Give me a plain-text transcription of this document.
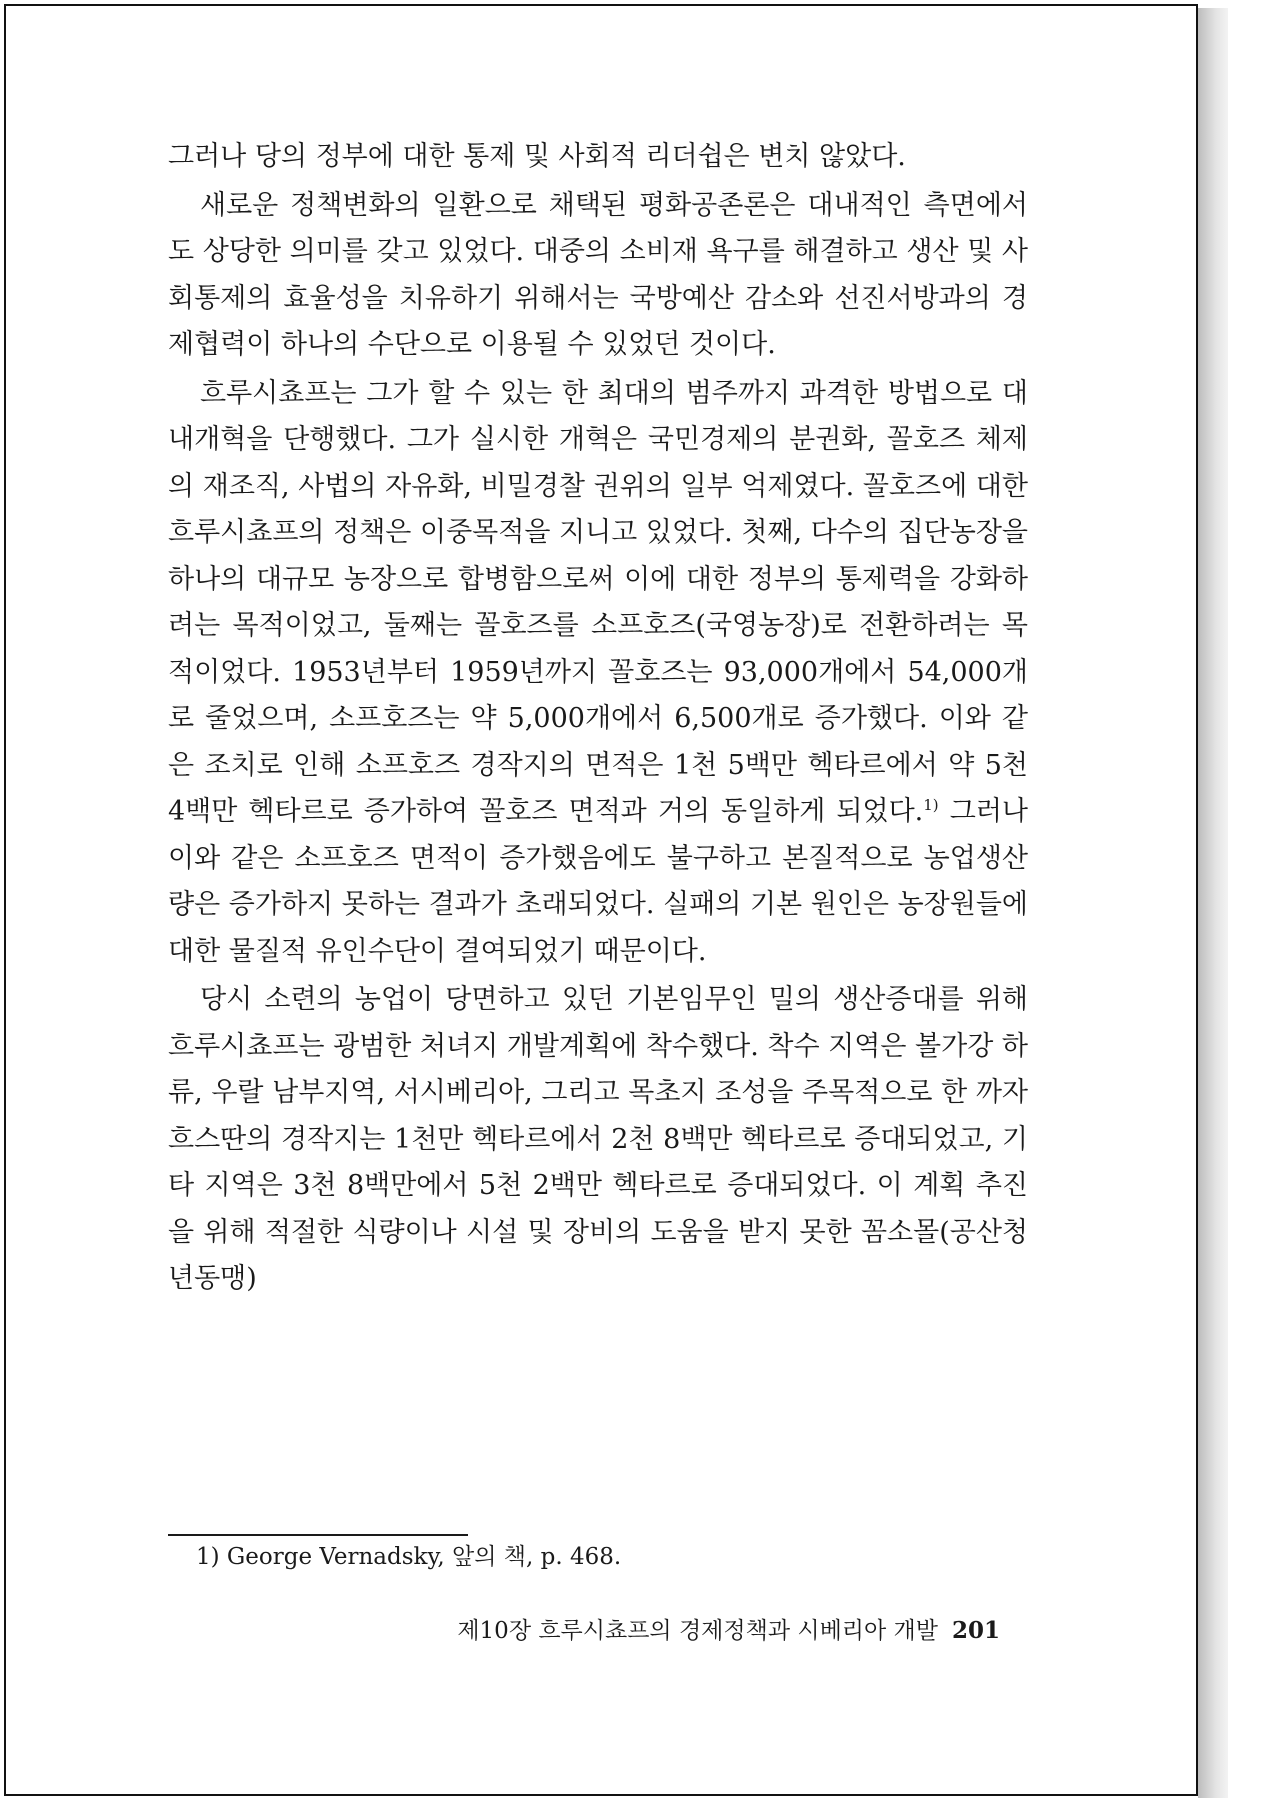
그러나 당의 정부에 대한 통제 및 사회적 리더쉽은 변치 않았다.

새로운 정책변화의 일환으로 채택된 평화공존론은 대내적인 측면에서도 상당한 의미를 갖고 있었다. 대중의 소비재 욕구를 해결하고 생산 및 사회통제의 효율성을 치유하기 위해서는 국방예산 감소와 선진서방과의 경제협력이 하나의 수단으로 이용될 수 있었던 것이다.

흐루시쵸프는 그가 할 수 있는 한 최대의 범주까지 과격한 방법으로 대내개혁을 단행했다. 그가 실시한 개혁은 국민경제의 분권화, 꼴호즈 체제의 재조직, 사법의 자유화, 비밀경찰 권위의 일부 억제였다. 꼴호즈에 대한 흐루시쵸프의 정책은 이중목적을 지니고 있었다. 첫째, 다수의 집단농장을 하나의 대규모 농장으로 합병함으로써 이에 대한 정부의 통제력을 강화하려는 목적이었고, 둘째는 꼴호즈를 소프호즈(국영농장)로 전환하려는 목적이었다. 1953년부터 1959년까지 꼴호즈는 93,000개에서 54,000개로 줄었으며, 소프호즈는 약 5,000개에서 6,500개로 증가했다. 이와 같은 조치로 인해 소프호즈 경작지의 면적은 1천 5백만 헥타르에서 약 5천 4백만 헥타르로 증가하여 꼴호즈 면적과 거의 동일하게 되었다.$^{1)}$ 그러나 이와 같은 소프호즈 면적이 증가했음에도 불구하고 본질적으로 농업생산량은 증가하지 못하는 결과가 초래되었다. 실패의 기본 원인은 농장원들에 대한 물질적 유인수단이 결여되었기 때문이다.

당시 소련의 농업이 당면하고 있던 기본임무인 밀의 생산증대를 위해 흐루시쵸프는 광범한 처녀지 개발계획에 착수했다. 착수 지역은 볼가강 하류, 우랄 남부지역, 서시베리아, 그리고 목초지 조성을 주목적으로 한 까자흐스딴의 경작지는 1천만 헥타르에서 2천 8백만 헥타르로 증대되었고, 기타 지역은 3천 8백만에서 5천 2백만 헥타르로 증대되었다. 이 계획 추진을 위해 적절한 식량이나 시설 및 장비의 도움을 받지 못한 꼼소몰(공산청년동맹)

1) George Vernadsky, 앞의 책, p. 468.
제10장 흐루시쵸프의 경제정책과 시베리아 개발 201
